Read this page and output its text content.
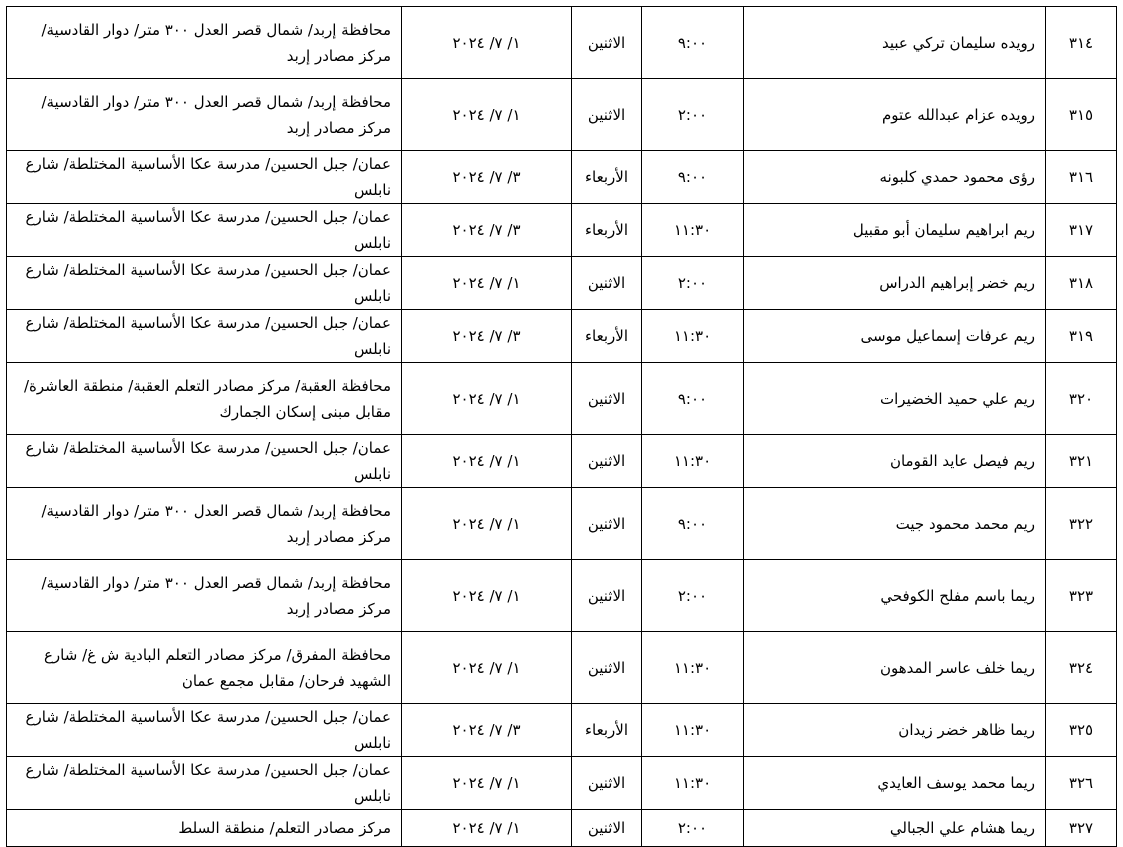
٣١٤	رويده سليمان تركي عبيد	٩:٠٠	الاثنين	١/ ٧/ ٢٠٢٤	محافظة إربد/ شمال قصر العدل ٣٠٠ متر/ دوار القادسية/ مركز مصادر إربد
٣١٥	رويده عزام عبدالله عتوم	٢:٠٠	الاثنين	١/ ٧/ ٢٠٢٤	محافظة إربد/ شمال قصر العدل ٣٠٠ متر/ دوار القادسية/ مركز مصادر إربد
٣١٦	رؤى محمود حمدي كلبونه	٩:٠٠	الأربعاء	٣/ ٧/ ٢٠٢٤	عمان/ جبل الحسين/ مدرسة عكا الأساسية المختلطة/ شارع نابلس
٣١٧	ريم ابراهيم سليمان أبو مقبيل	١١:٣٠	الأربعاء	٣/ ٧/ ٢٠٢٤	عمان/ جبل الحسين/ مدرسة عكا الأساسية المختلطة/ شارع نابلس
٣١٨	ريم خضر إبراهيم الدراس	٢:٠٠	الاثنين	١/ ٧/ ٢٠٢٤	عمان/ جبل الحسين/ مدرسة عكا الأساسية المختلطة/ شارع نابلس
٣١٩	ريم عرفات إسماعيل موسى	١١:٣٠	الأربعاء	٣/ ٧/ ٢٠٢٤	عمان/ جبل الحسين/ مدرسة عكا الأساسية المختلطة/ شارع نابلس
٣٢٠	ريم علي حميد الخضيرات	٩:٠٠	الاثنين	١/ ٧/ ٢٠٢٤	محافظة العقبة/ مركز مصادر التعلم العقبة/ منطقة العاشرة/ مقابل مبنى إسكان الجمارك
٣٢١	ريم فيصل عايد القومان	١١:٣٠	الاثنين	١/ ٧/ ٢٠٢٤	عمان/ جبل الحسين/ مدرسة عكا الأساسية المختلطة/ شارع نابلس
٣٢٢	ريم محمد محمود جيت	٩:٠٠	الاثنين	١/ ٧/ ٢٠٢٤	محافظة إربد/ شمال قصر العدل ٣٠٠ متر/ دوار القادسية/ مركز مصادر إربد
٣٢٣	ريما باسم مفلح الكوفحي	٢:٠٠	الاثنين	١/ ٧/ ٢٠٢٤	محافظة إربد/ شمال قصر العدل ٣٠٠ متر/ دوار القادسية/ مركز مصادر إربد
٣٢٤	ريما خلف عاسر المدهون	١١:٣٠	الاثنين	١/ ٧/ ٢٠٢٤	محافظة المفرق/ مركز مصادر التعلم البادية ش غ/ شارع الشهيد فرحان/ مقابل مجمع عمان
٣٢٥	ريما ظاهر خضر زيدان	١١:٣٠	الأربعاء	٣/ ٧/ ٢٠٢٤	عمان/ جبل الحسين/ مدرسة عكا الأساسية المختلطة/ شارع نابلس
٣٢٦	ريما محمد يوسف العايدي	١١:٣٠	الاثنين	١/ ٧/ ٢٠٢٤	عمان/ جبل الحسين/ مدرسة عكا الأساسية المختلطة/ شارع نابلس
٣٢٧	ريما هشام علي الجبالي	٢:٠٠	الاثنين	١/ ٧/ ٢٠٢٤	مركز مصادر التعلم/ منطقة السلط
